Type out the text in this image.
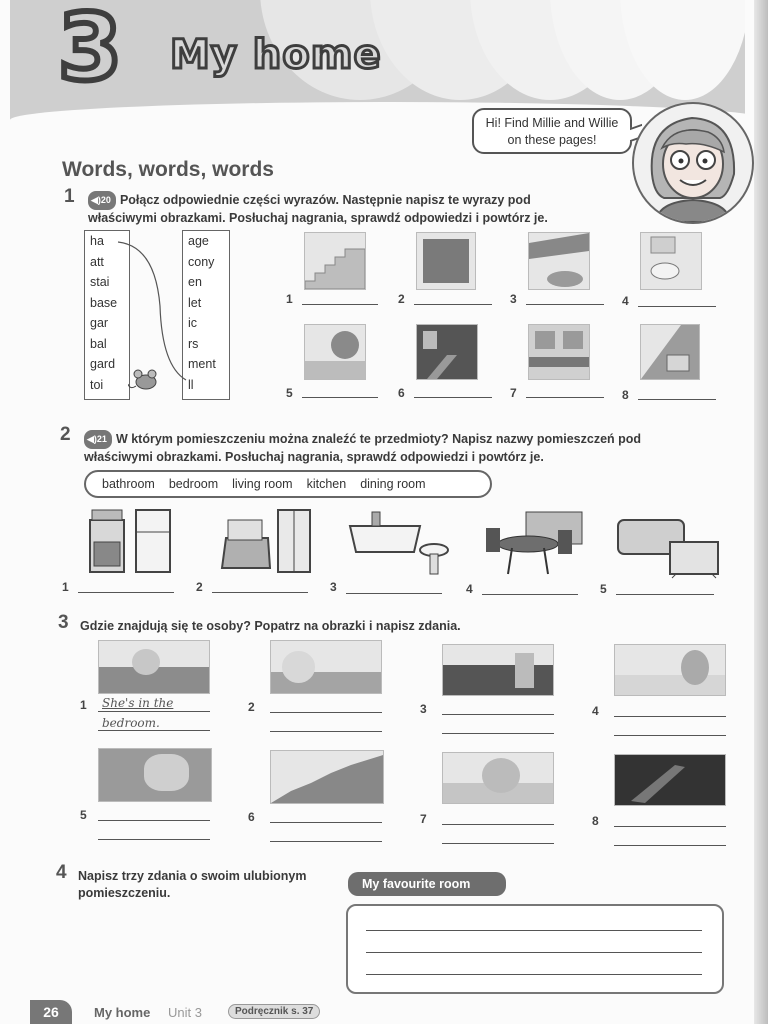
3 My home
Hi! Find Millie and Willie
on these pages!
Words, words, words
1	◀)20 Połącz odpowiednie części wyrazów. Następnie napisz te wyrazy pod
właściwymi obrazkami. Posłuchaj nagrania, sprawdź odpowiedzi i powtórz je.
ha
att
stai
base
gar
bal
gard
toi
age
cony
en
let
ic
rs
ment
ll
1	2	3	4
5	6	7	8
2	◀)21 W którym pomieszczeniu można znaleźć te przedmioty? Napisz nazwy pomieszczeń pod
właściwymi obrazkami. Posłuchaj nagrania, sprawdź odpowiedzi i powtórz je.
bathroom bedroom living room kitchen dining room
1	2	3	4	5
3 Gdzie znajdują się te osoby? Popatrz na obrazki i napisz zdania.
1 She's in the
bedroom.
2	3	4
5	6	7	8
4 Napisz trzy zdania o swoim ulubionym
pomieszczeniu.
My favourite room
26	My home Unit 3	Podręcznik s. 37
